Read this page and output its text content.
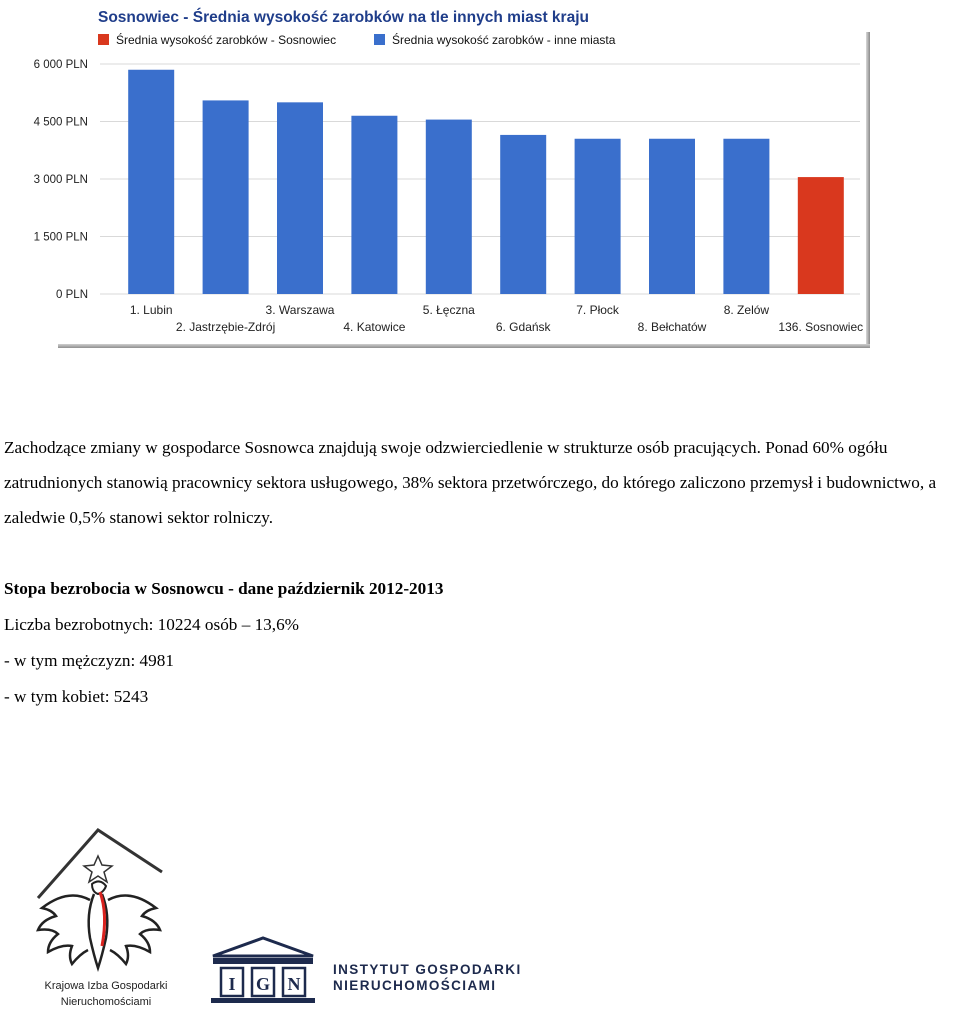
Sosnowiec - Średnia wysokość zarobków na tle innych miast kraju
Średnia wysokość zarobków - Sosnowiec	Średnia wysokość zarobków - inne miasta
0 PLN
1 500 PLN
3 000 PLN
4 500 PLN
6 000 PLN
1. Lubin
2. Jastrzębie-Zdrój
3. Warszawa
4. Katowice
5. Łęczna
6. Gdańsk
7. Płock
8. Bełchatów
8. Zelów
136. Sosnowiec

Zachodzące zmiany w gospodarce Sosnowca znajdują swoje odzwierciedlenie w strukturze osób pracujących. Ponad 60% ogółu zatrudnionych stanowią pracownicy sektora usługowego, 38% sektora przetwórczego, do którego zaliczono przemysł i budownictwo, a zaledwie 0,5% stanowi sektor rolniczy.

Stopa bezrobocia w Sosnowcu - dane październik 2012-2013

Liczba bezrobotnych: 10224 osób – 13,6%

- w tym mężczyzn: 4981

- w tym kobiet: 5243

Krajowa Izba Gospodarki
Nieruchomościami
I G N
INSTYTUT GOSPODARKI
NIERUCHOMOŚCIAMI
